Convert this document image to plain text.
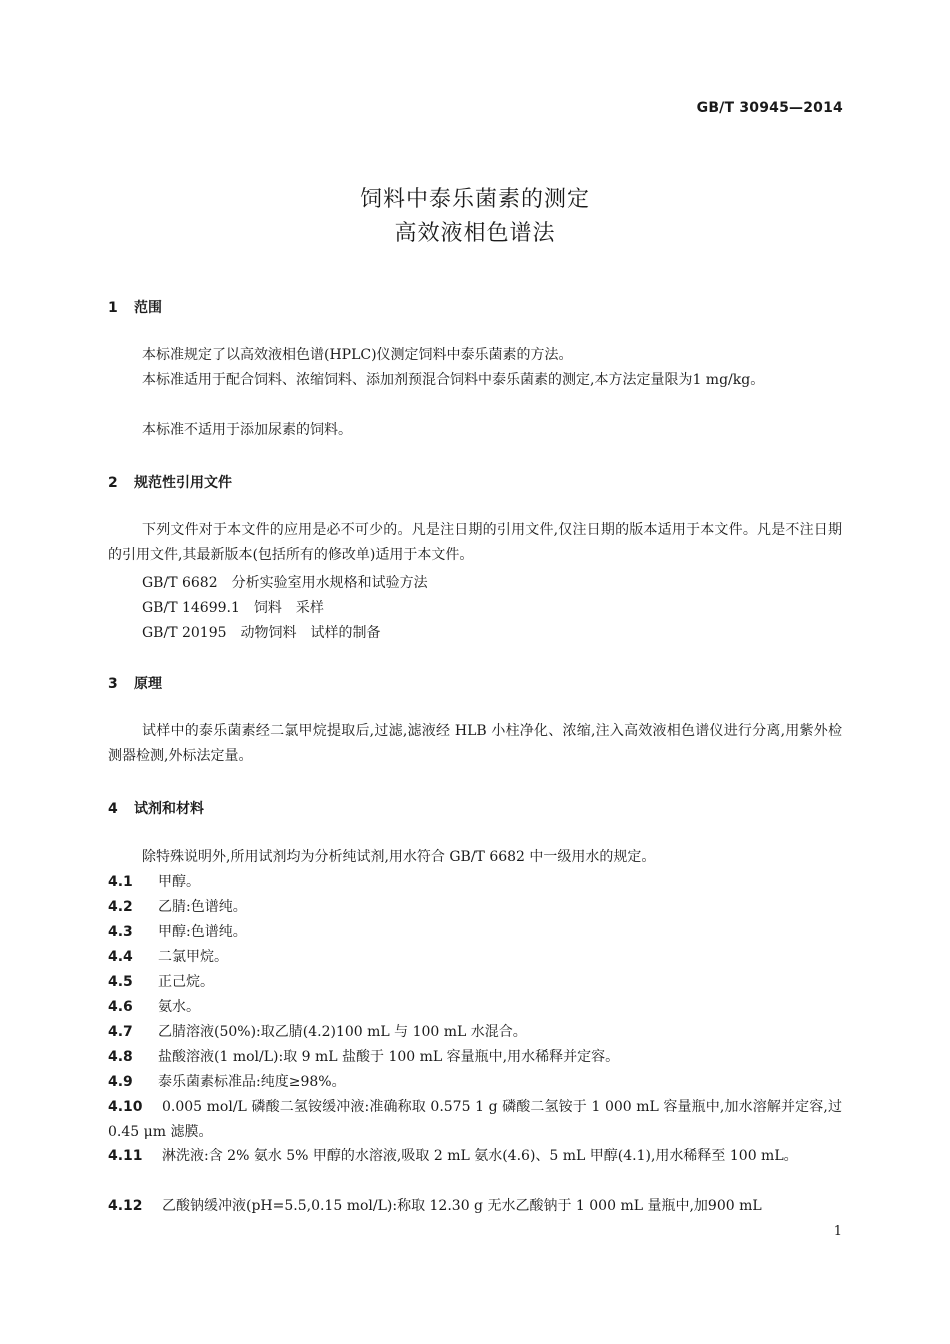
GB/T 30945—2014
饲料中泰乐菌素的测定
高效液相色谱法
1 范围
本标准规定了以高效液相色谱(HPLC)仪测定饲料中泰乐菌素的方法。
本标准适用于配合饲料、浓缩饲料、添加剂预混合饲料中泰乐菌素的测定,本方法定量限为1 mg/kg。
本标准不适用于添加尿素的饲料。
2 规范性引用文件
下列文件对于本文件的应用是必不可少的。凡是注日期的引用文件,仅注日期的版本适用于本文件。凡是不注日期的引用文件,其最新版本(包括所有的修改单)适用于本文件。
GB/T 6682　分析实验室用水规格和试验方法
GB/T 14699.1　饲料　采样
GB/T 20195　动物饲料　试样的制备
3 原理
试样中的泰乐菌素经二氯甲烷提取后,过滤,滤液经 HLB 小柱净化、浓缩,注入高效液相色谱仪进行分离,用紫外检测器检测,外标法定量。
4 试剂和材料
除特殊说明外,所用试剂均为分析纯试剂,用水符合 GB/T 6682 中一级用水的规定。
4.1 甲醇。
4.2 乙腈:色谱纯。
4.3 甲醇:色谱纯。
4.4 二氯甲烷。
4.5 正己烷。
4.6 氨水。
4.7 乙腈溶液(50%):取乙腈(4.2)100 mL 与 100 mL 水混合。
4.8 盐酸溶液(1 mol/L):取 9 mL 盐酸于 100 mL 容量瓶中,用水稀释并定容。
4.9 泰乐菌素标准品:纯度≥98%。
4.10 0.005 mol/L 磷酸二氢铵缓冲液:准确称取 0.575 1 g 磷酸二氢铵于 1 000 mL 容量瓶中,加水溶解并定容,过 0.45 μm 滤膜。
4.11 淋洗液:含 2% 氨水 5% 甲醇的水溶液,吸取 2 mL 氨水(4.6)、5 mL 甲醇(4.1),用水稀释至 100 mL。
4.12 乙酸钠缓冲液(pH=5.5,0.15 mol/L):称取 12.30 g 无水乙酸钠于 1 000 mL 量瓶中,加900 mL
1
